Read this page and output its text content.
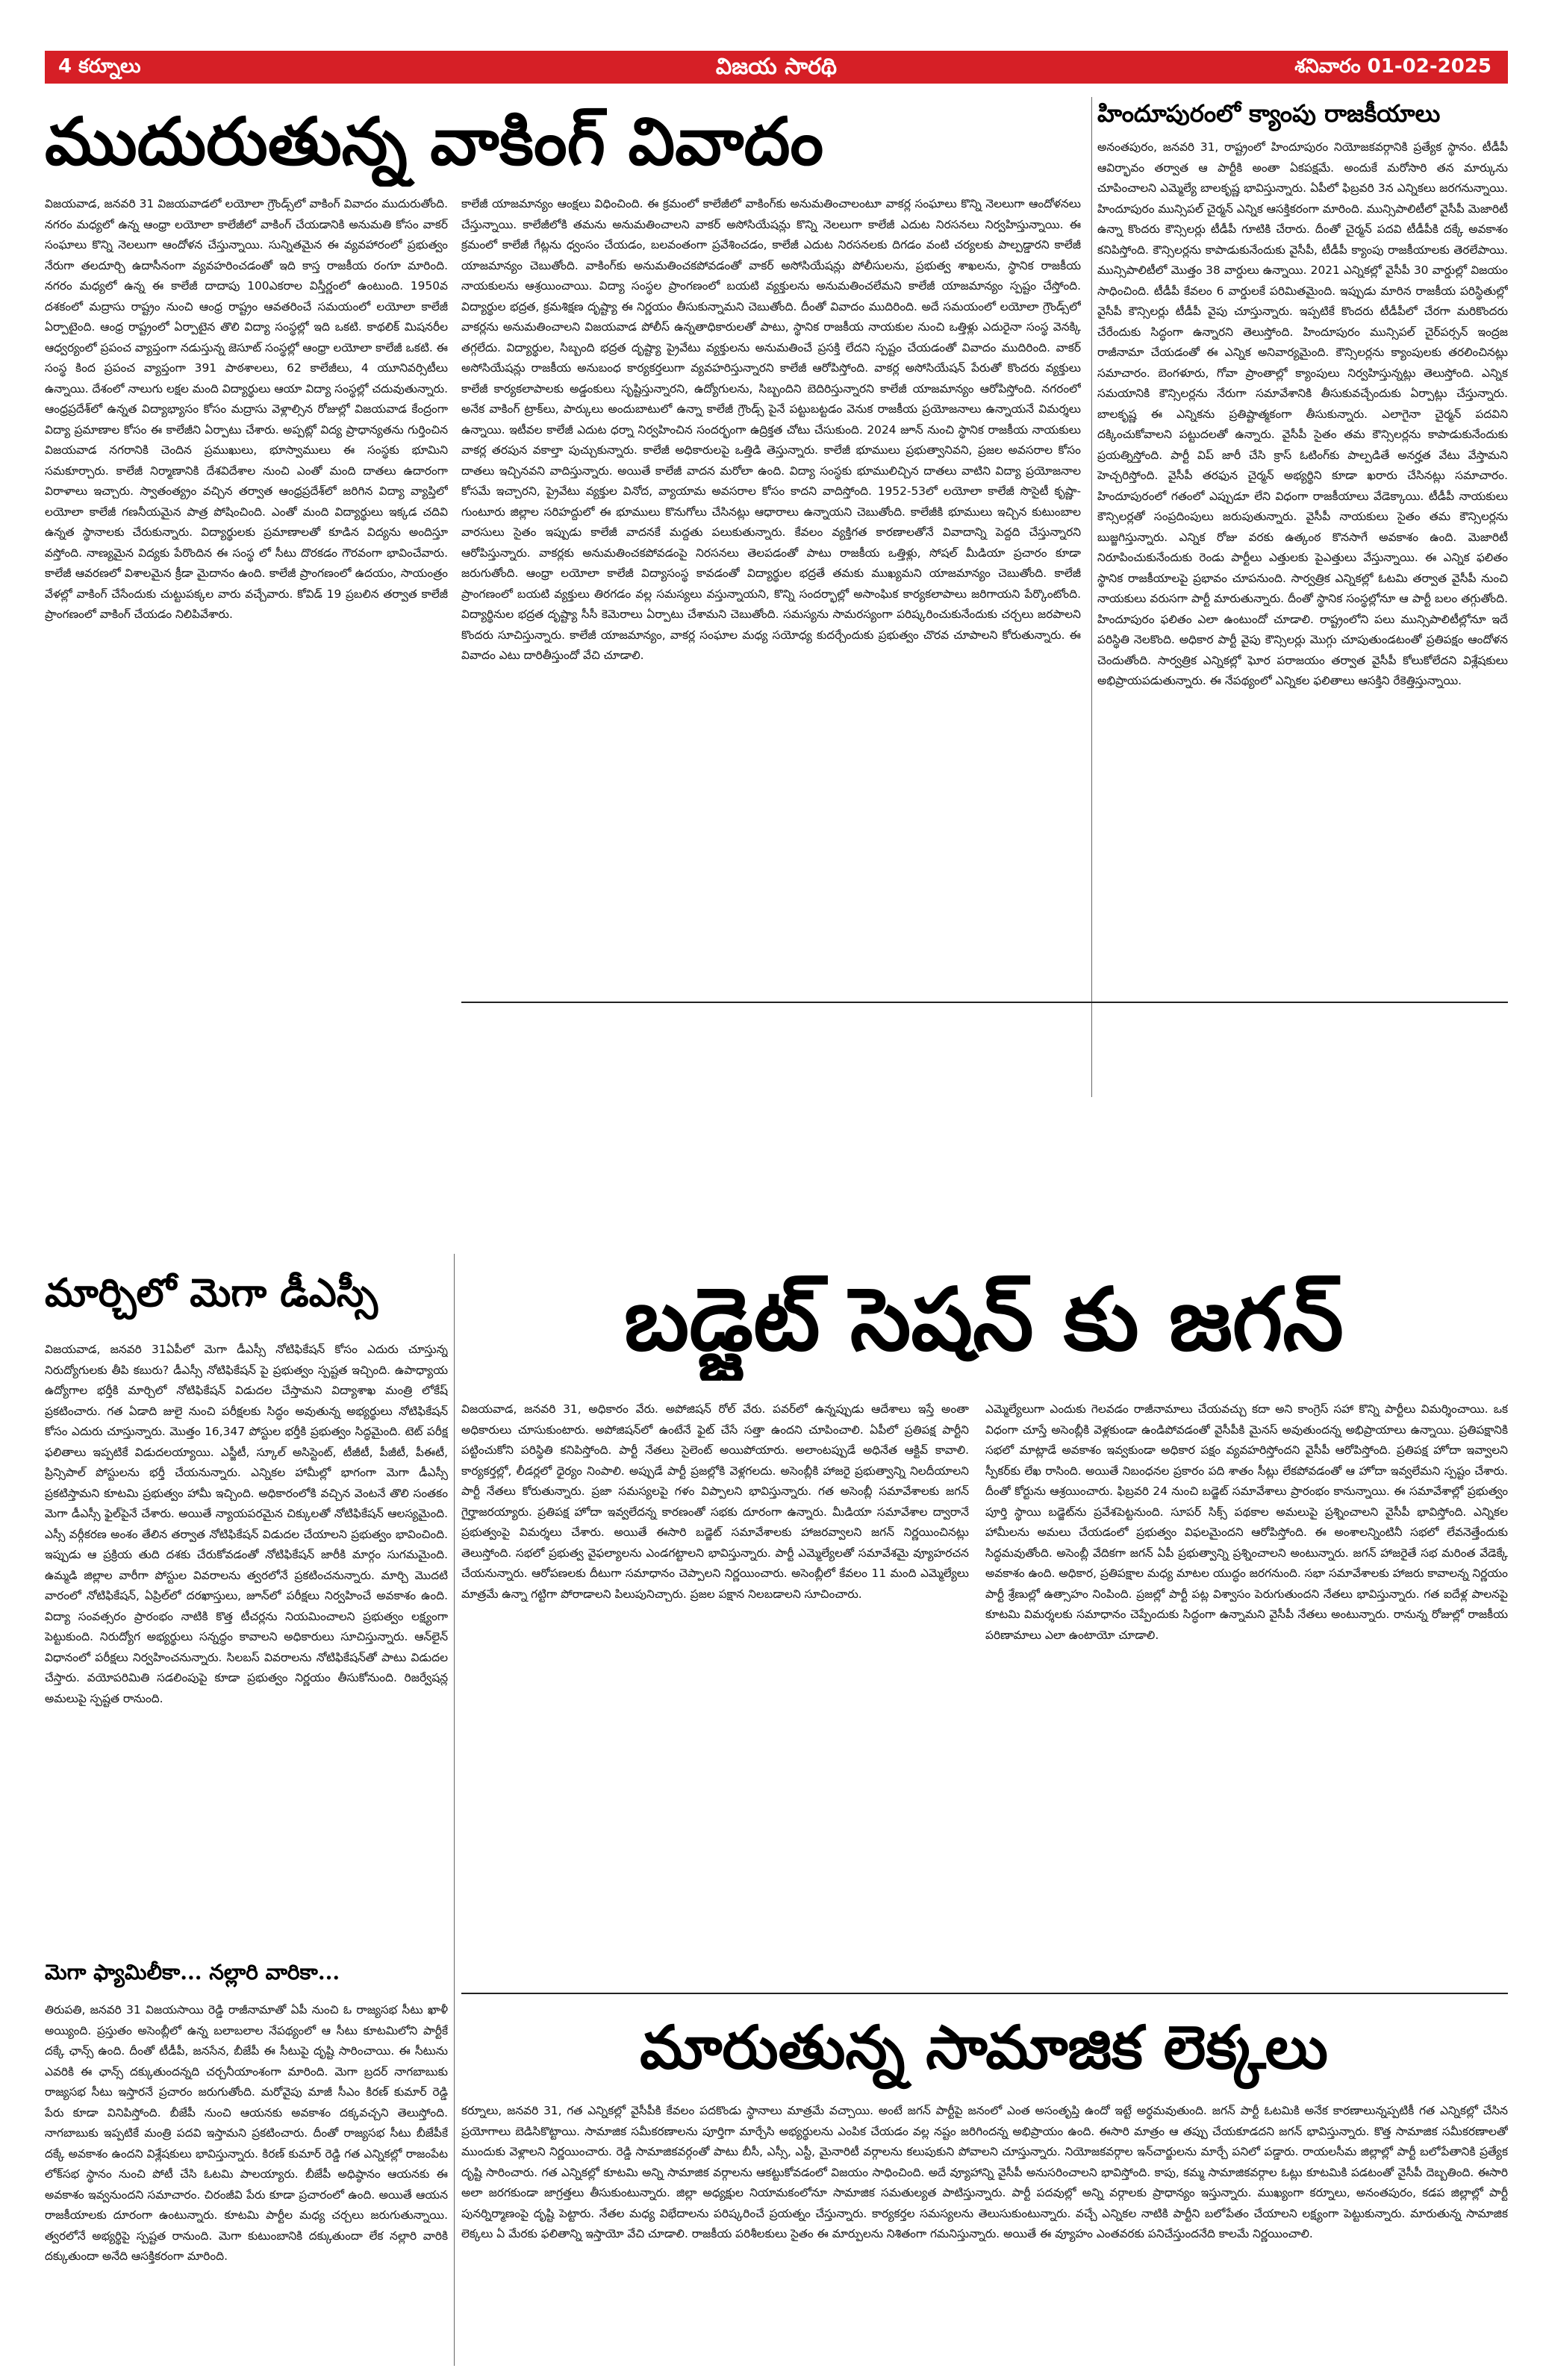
4 కర్నూలు	విజయ సారథి	శనివారం 01-02-2025
ముదురుతున్న వాకింగ్ వివాదం
విజయవాడ, జనవరి 31 విజయవాడలో లయోలా గ్రౌండ్స్‌లో వాకింగ్ వివాదం ముదురుతోంది. నగరం మధ్యలో ఉన్న ఆంధ్రా లయోలా కాలేజీలో వాకింగ్ చేయడానికి అనుమతి కోసం వాకర్ సంఘాలు కొన్ని నెలలుగా ఆందోళన చేస్తున్నాయి. సున్నితమైన ఈ వ్యవహారంలో ప్రభుత్వం నేరుగా తలదూర్చి ఉదాసీనంగా వ్యవహరించడంతో ఇది కాస్త రాజకీయ రంగూ మారింది. నగరం మధ్యలో ఉన్న ఈ కాలేజీ దాదాపు 100ఎకరాల విస్తీర్ణంలో ఉంటుంది. 1950వ దశకంలో మద్రాసు రాష్ట్రం నుంచి ఆంధ్ర రాష్ట్రం ఆవతరించే సమయంలో లయోలా కాలేజీ ఏర్పాటైంది. ఆంధ్ర రాష్ట్రంలో ఏర్పాటైన తొలి విద్యా సంస్థల్లో ఇది ఒకటి. కాథలిక్ మిషనరీల ఆధ్వర్యంలో ప్రపంచ వ్యాప్తంగా నడుస్తున్న జెసూట్ సంస్థల్లో ఆంధ్రా లయోలా కాలేజీ ఒకటి. ఈ సంస్థ కింద ప్రపంచ వ్యాప్తంగా 391 పాఠశాలలు, 62 కాలేజీలు, 4 యూనివర్సిటీలు ఉన్నాయి. దేశంలో నాలుగు లక్షల మంది విద్యార్థులు ఆయా విద్యా సంస్థల్లో చదువుతున్నారు. ఆంధ్రప్రదేశ్‌లో ఉన్నత విద్యాభ్యాసం కోసం మద్రాసు వెళ్లాల్సిన రోజుల్లో విజయవాడ కేంద్రంగా విద్యా ప్రమాణాల కోసం ఈ కాలేజీని ఏర్పాటు చేశారు. అప్పట్లో విద్య ప్రాధాన్యతను గుర్తించిన విజయవాడ నగరానికి చెందిన ప్రముఖులు, భూస్వాములు ఈ సంస్థకు భూమిని సమకూర్చారు. కాలేజీ నిర్మాణానికి దేశవిదేశాల నుంచి ఎంతో మంది దాతలు ఉదారంగా విరాళాలు ఇచ్చారు. స్వాతంత్య్రం వచ్చిన తర్వాత ఆంధ్రప్రదేశ్‌లో జరిగిన విద్యా వ్యాప్తిలో లయోలా కాలేజీ గణనీయమైన పాత్ర పోషించింది. ఎంతో మంది విద్యార్థులు ఇక్కడ చదివి ఉన్నత స్థానాలకు చేరుకున్నారు. విద్యార్థులకు ప్రమాణాలతో కూడిన విద్యను అందిస్తూ వస్తోంది. నాణ్యమైన విద్యకు పేరొందిన ఈ సంస్థ లో సీటు దొరకడం గౌరవంగా భావించేవారు. కాలేజీ ఆవరణలో విశాలమైన క్రీడా మైదానం ఉంది. కాలేజీ ప్రాంగణంలో ఉదయం, సాయంత్రం వేళల్లో వాకింగ్ చేసేందుకు చుట్టుపక్కల వారు వచ్చేవారు. కోవిడ్ 19 ప్రబలిన తర్వాత కాలేజీ ప్రాంగణంలో వాకింగ్ చేయడం నిలిపివేశారు.
కాలేజీ యాజమాన్యం ఆంక్షలు విధించింది. ఈ క్రమంలో కాలేజీలో వాకింగ్‌కు అనుమతించాలంటూ వాకర్ల సంఘాలు కొన్ని నెలలుగా ఆందోళనలు చేస్తున్నాయి. కాలేజీలోకి తమను అనుమతించాలని వాకర్ అసోసియేషన్లు కొన్ని నెలలుగా కాలేజీ ఎదుట నిరసనలు నిర్వహిస్తున్నాయి. ఈ క్రమంలో కాలేజీ గేట్లను ధ్వంసం చేయడం, బలవంతంగా ప్రవేశించడం, కాలేజీ ఎదుట నిరసనలకు దిగడం వంటి చర్యలకు పాల్పడ్డారని కాలేజీ యాజమాన్యం చెబుతోంది. వాకింగ్‌కు అనుమతించకపోవడంతో వాకర్ అసోసియేషన్లు పోలీసులను, ప్రభుత్వ శాఖలను, స్థానిక రాజకీయ నాయకులను ఆశ్రయించాయి. విద్యా సంస్థల ప్రాంగణంలో బయటి వ్యక్తులను అనుమతించలేమని కాలేజీ యాజమాన్యం స్పష్టం చేస్తోంది. విద్యార్థుల భద్రత, క్రమశిక్షణ దృష్ట్యా ఈ నిర్ణయం తీసుకున్నామని చెబుతోంది. దీంతో వివాదం ముదిరింది. అదే సమయంలో లయోలా గ్రౌండ్స్‌లో వాకర్లను అనుమతించాలని విజయవాడ పోలీస్ ఉన్నతాధికారులతో పాటు, స్థానిక రాజకీయ నాయకుల నుంచి ఒత్తిళ్లు ఎదురైనా సంస్థ వెనక్కి తగ్గలేదు. విద్యార్థుల, సిబ్బంది భద్రత దృష్ట్యా ప్రైవేటు వ్యక్తులను అనుమతించే ప్రసక్తి లేదని స్పష్టం చేయడంతో వివాదం ముదిరింది. వాకర్ అసోసియేషన్లు రాజకీయ అనుబంధ కార్యకర్తలుగా వ్యవహరిస్తున్నారని కాలేజీ ఆరోపిస్తోంది. వాకర్ల అసోసియేషన్ పేరుతో కొందరు వ్యక్తులు కాలేజీ కార్యకలాపాలకు అడ్డంకులు సృష్టిస్తున్నారని, ఉద్యోగులను, సిబ్బందిని బెదిరిస్తున్నారని కాలేజీ యాజమాన్యం ఆరోపిస్తోంది. నగరంలో అనేక వాకింగ్ ట్రాక్‌లు, పార్కులు అందుబాటులో ఉన్నా కాలేజీ గ్రౌండ్స్‌ పైనే పట్టుబట్టడం వెనుక రాజకీయ ప్రయోజనాలు ఉన్నాయనే విమర్శలు ఉన్నాయి. ఇటీవల కాలేజీ ఎదుట ధర్నా నిర్వహించిన సందర్భంగా ఉద్రిక్తత చోటు చేసుకుంది. 2024 జూన్ నుంచి స్థానిక రాజకీయ నాయకులు వాకర్ల తరపున వకాల్తా పుచ్చుకున్నారు. కాలేజీ అధికారులపై ఒత్తిడి తెస్తున్నారు. కాలేజీ భూములు ప్రభుత్వానివని, ప్రజల అవసరాల కోసం దాతలు ఇచ్చినవని వాదిస్తున్నారు. అయితే కాలేజీ వాదన మరోలా ఉంది. విద్యా సంస్థకు భూములిచ్చిన దాతలు వాటిని విద్యా ప్రయోజనాల కోసమే ఇచ్చారని, ప్రైవేటు వ్యక్తుల వినోద, వ్యాయామ అవసరాల కోసం కాదని వాదిస్తోంది. 1952-53లో లయోలా కాలేజీ సొసైటీ కృష్ణా-గుంటూరు జిల్లాల సరిహద్దులో ఈ భూములు కొనుగోలు చేసినట్లు ఆధారాలు ఉన్నాయని చెబుతోంది. కాలేజీకి భూములు ఇచ్చిన కుటుంబాల వారసులు సైతం ఇప్పుడు కాలేజీ వాదనకే మద్దతు పలుకుతున్నారు. కేవలం వ్యక్తిగత కారణాలతోనే వివాదాన్ని పెద్దది చేస్తున్నారని ఆరోపిస్తున్నారు. వాకర్లకు అనుమతించకపోవడంపై నిరసనలు తెలపడంతో పాటు రాజకీయ ఒత్తిళ్లు, సోషల్ మీడియా ప్రచారం కూడా జరుగుతోంది. ఆంధ్రా లయోలా కాలేజీ విద్యాసంస్థ కావడంతో విద్యార్థుల భద్రతే తమకు ముఖ్యమని యాజమాన్యం చెబుతోంది. కాలేజీ ప్రాంగణంలో బయటి వ్యక్తులు తిరగడం వల్ల సమస్యలు వస్తున్నాయని, కొన్ని సందర్భాల్లో అసాంఘిక కార్యకలాపాలు జరిగాయని పేర్కొంటోంది. విద్యార్థినుల భద్రత దృష్ట్యా సీసీ కెమెరాలు ఏర్పాటు చేశామని చెబుతోంది. సమస్యను సామరస్యంగా పరిష్కరించుకునేందుకు చర్చలు జరపాలని కొందరు సూచిస్తున్నారు. కాలేజీ యాజమాన్యం, వాకర్ల సంఘాల మధ్య సయోధ్య కుదర్చేందుకు ప్రభుత్వం చొరవ చూపాలని కోరుతున్నారు. ఈ వివాదం ఎటు దారితీస్తుందో వేచి చూడాలి.
హిందూపురంలో క్యాంపు రాజకీయాలు
అనంతపురం, జనవరి 31, రాష్ట్రంలో హిందూపురం నియోజకవర్గానికి ప్రత్యేక స్థానం. టీడీపీ ఆవిర్భావం తర్వాత ఆ పార్టీకి అంతా ఏకపక్షమే. అందుకే మరోసారి తన మార్కును చూపించాలని ఎమ్మెల్యే బాలకృష్ణ భావిస్తున్నారు. ఏపీలో ఫిబ్రవరి 3న ఎన్నికలు జరగనున్నాయి. హిందూపురం మున్సిపల్ చైర్మన్ ఎన్నిక ఆసక్తికరంగా మారింది. మున్సిపాలిటీలో వైసీపీ మెజారిటీ ఉన్నా కొందరు కౌన్సిలర్లు టీడీపీ గూటికి చేరారు. దీంతో చైర్మన్ పదవి టీడీపీకి దక్కే అవకాశం కనిపిస్తోంది. కౌన్సిలర్లను కాపాడుకునేందుకు వైసీపీ, టీడీపీ క్యాంపు రాజకీయాలకు తెరలేపాయి. మున్సిపాలిటీలో మొత్తం 38 వార్డులు ఉన్నాయి. 2021 ఎన్నికల్లో వైసీపీ 30 వార్డుల్లో విజయం సాధించింది. టీడీపీ కేవలం 6 వార్డులకే పరిమితమైంది. ఇప్పుడు మారిన రాజకీయ పరిస్థితుల్లో వైసీపీ కౌన్సిలర్లు టీడీపీ వైపు చూస్తున్నారు. ఇప్పటికే కొందరు టీడీపీలో చేరగా మరికొందరు చేరేందుకు సిద్ధంగా ఉన్నారని తెలుస్తోంది. హిందూపురం మున్సిపల్ చైర్‌పర్సన్ ఇంద్రజ రాజీనామా చేయడంతో ఈ ఎన్నిక అనివార్యమైంది. కౌన్సిలర్లను క్యాంపులకు తరలించినట్లు సమాచారం. బెంగళూరు, గోవా ప్రాంతాల్లో క్యాంపులు నిర్వహిస్తున్నట్లు తెలుస్తోంది. ఎన్నిక సమయానికి కౌన్సిలర్లను నేరుగా సమావేశానికి తీసుకువచ్చేందుకు ఏర్పాట్లు చేస్తున్నారు. బాలకృష్ణ ఈ ఎన్నికను ప్రతిష్టాత్మకంగా తీసుకున్నారు. ఎలాగైనా చైర్మన్ పదవిని దక్కించుకోవాలని పట్టుదలతో ఉన్నారు. వైసీపీ సైతం తమ కౌన్సిలర్లను కాపాడుకునేందుకు ప్రయత్నిస్తోంది. పార్టీ విప్ జారీ చేసి క్రాస్ ఓటింగ్‌కు పాల్పడితే అనర్హత వేటు వేస్తామని హెచ్చరిస్తోంది. వైసీపీ తరఫున చైర్మన్ అభ్యర్థిని కూడా ఖరారు చేసినట్లు సమాచారం. హిందూపురంలో గతంలో ఎప్పుడూ లేని విధంగా రాజకీయాలు వేడెక్కాయి. టీడీపీ నాయకులు కౌన్సిలర్లతో సంప్రదింపులు జరుపుతున్నారు. వైసీపీ నాయకులు సైతం తమ కౌన్సిలర్లను బుజ్జగిస్తున్నారు. ఎన్నిక రోజు వరకు ఉత్కంఠ కొనసాగే అవకాశం ఉంది. మెజారిటీ నిరూపించుకునేందుకు రెండు పార్టీలు ఎత్తులకు పైఎత్తులు వేస్తున్నాయి. ఈ ఎన్నిక ఫలితం స్థానిక రాజకీయాలపై ప్రభావం చూపనుంది. సార్వత్రిక ఎన్నికల్లో ఓటమి తర్వాత వైసీపీ నుంచి నాయకులు వరుసగా పార్టీ మారుతున్నారు. దీంతో స్థానిక సంస్థల్లోనూ ఆ పార్టీ బలం తగ్గుతోంది. హిందూపురం ఫలితం ఎలా ఉంటుందో చూడాలి. రాష్ట్రంలోని పలు మున్సిపాలిటీల్లోనూ ఇదే పరిస్థితి నెలకొంది. అధికార పార్టీ వైపు కౌన్సిలర్లు మొగ్గు చూపుతుండటంతో ప్రతిపక్షం ఆందోళన చెందుతోంది. సార్వత్రిక ఎన్నికల్లో ఘోర పరాజయం తర్వాత వైసీపీ కోలుకోలేదని విశ్లేషకులు అభిప్రాయపడుతున్నారు. ఈ నేపథ్యంలో ఎన్నికల ఫలితాలు ఆసక్తిని రేకెత్తిస్తున్నాయి.
మార్చిలో మెగా డీఎస్సీ
విజయవాడ, జనవరి 31ఏపీలో మెగా డీఎస్సీ నోటిఫికేషన్ కోసం ఎదురు చూస్తున్న నిరుద్యోగులకు తీపి కబురు? డీఎస్సీ నోటిఫికేషన్ పై ప్రభుత్వం స్పష్టత ఇచ్చింది. ఉపాధ్యాయ ఉద్యోగాల భర్తీకి మార్చిలో నోటిఫికేషన్ విడుదల చేస్తామని విద్యాశాఖ మంత్రి లోకేష్ ప్రకటించారు. గత ఏడాది జులై నుంచి పరీక్షలకు సిద్ధం అవుతున్న అభ్యర్థులు నోటిఫికేషన్ కోసం ఎదురు చూస్తున్నారు. మొత్తం 16,347 పోస్టుల భర్తీకి ప్రభుత్వం సిద్ధమైంది. టెట్ పరీక్ష ఫలితాలు ఇప్పటికే విడుదలయ్యాయి. ఎస్జీటీ, స్కూల్ అసిస్టెంట్, టీజీటీ, పీజీటీ, పీఈటీ, ప్రిన్సిపాల్ పోస్టులను భర్తీ చేయనున్నారు. ఎన్నికల హామీల్లో భాగంగా మెగా డీఎస్సీ ప్రకటిస్తామని కూటమి ప్రభుత్వం హామీ ఇచ్చింది. అధికారంలోకి వచ్చిన వెంటనే తొలి సంతకం మెగా డీఎస్సీ ఫైల్‌పైనే చేశారు. అయితే న్యాయపరమైన చిక్కులతో నోటిఫికేషన్ ఆలస్యమైంది. ఎస్సీ వర్గీకరణ అంశం తేలిన తర్వాత నోటిఫికేషన్ విడుదల చేయాలని ప్రభుత్వం భావించింది. ఇప్పుడు ఆ ప్రక్రియ తుది దశకు చేరుకోవడంతో నోటిఫికేషన్ జారీకి మార్గం సుగమమైంది. ఉమ్మడి జిల్లాల వారీగా పోస్టుల వివరాలను త్వరలోనే ప్రకటించనున్నారు. మార్చి మొదటి వారంలో నోటిఫికేషన్, ఏప్రిల్‌లో దరఖాస్తులు, జూన్‌లో పరీక్షలు నిర్వహించే అవకాశం ఉంది. విద్యా సంవత్సరం ప్రారంభం నాటికి కొత్త టీచర్లను నియమించాలని ప్రభుత్వం లక్ష్యంగా పెట్టుకుంది. నిరుద్యోగ అభ్యర్థులు సన్నద్ధం కావాలని అధికారులు సూచిస్తున్నారు. ఆన్‌లైన్ విధానంలో పరీక్షలు నిర్వహించనున్నారు. సిలబస్ వివరాలను నోటిఫికేషన్‌తో పాటు విడుదల చేస్తారు. వయోపరిమితి సడలింపుపై కూడా ప్రభుత్వం నిర్ణయం తీసుకోనుంది. రిజర్వేషన్ల అమలుపై స్పష్టత రానుంది.
మెగా ఫ్యామిలీకా... నల్లారి వారికా...
తిరుపతి, జనవరి 31 విజయసాయి రెడ్డి రాజీనామాతో ఏపీ నుంచి ఓ రాజ్యసభ సీటు ఖాళీ అయ్యింది. ప్రస్తుతం అసెంబ్లీలో ఉన్న బలాబలాల నేపథ్యంలో ఆ సీటు కూటమిలోని పార్టీకే దక్కే ఛాన్స్ ఉంది. దీంతో టీడీపీ, జనసేన, బీజేపీ ఈ సీటుపై దృష్టి సారించాయి. ఈ సీటును ఎవరికి ఈ ఛాన్స్ దక్కుతుందన్నది చర్చనీయాంశంగా మారింది. మెగా బ్రదర్ నాగబాబుకు రాజ్యసభ సీటు ఇస్తారనే ప్రచారం జరుగుతోంది. మరోవైపు మాజీ సీఎం కిరణ్ కుమార్ రెడ్డి పేరు కూడా వినిపిస్తోంది. బీజేపీ నుంచి ఆయనకు అవకాశం దక్కవచ్చని తెలుస్తోంది. నాగబాబుకు ఇప్పటికే మంత్రి పదవి ఇస్తామని ప్రకటించారు. దీంతో రాజ్యసభ సీటు బీజేపీకే దక్కే అవకాశం ఉందని విశ్లేషకులు భావిస్తున్నారు. కిరణ్ కుమార్ రెడ్డి గత ఎన్నికల్లో రాజంపేట లోక్‌సభ స్థానం నుంచి పోటీ చేసి ఓటమి పాలయ్యారు. బీజేపీ అధిష్ఠానం ఆయనకు ఈ అవకాశం ఇవ్వనుందని సమాచారం. చిరంజీవి పేరు కూడా ప్రచారంలో ఉంది. అయితే ఆయన రాజకీయాలకు దూరంగా ఉంటున్నారు. కూటమి పార్టీల మధ్య చర్చలు జరుగుతున్నాయి. త్వరలోనే అభ్యర్థిపై స్పష్టత రానుంది. మెగా కుటుంబానికి దక్కుతుందా లేక నల్లారి వారికి దక్కుతుందా అనేది ఆసక్తికరంగా మారింది.
బడ్జెట్ సెషన్ కు జగన్
విజయవాడ, జనవరి 31, అధికారం వేరు. అపోజిషన్ రోల్ వేరు. పవర్‌లో ఉన్నప్పుడు ఆదేశాలు ఇస్తే అంతా అధికారులు చూసుకుంటారు. అపోజిషన్‌లో ఉంటేనే ఫైట్ చేసే సత్తా ఉందని చూపించాలి. ఏపీలో ప్రతిపక్ష పార్టీని పట్టించుకోని పరిస్థితి కనిపిస్తోంది. పార్టీ నేతలు సైలెంట్ అయిపోయారు. అలాంటప్పుడే అధినేత ఆక్టివ్ కావాలి. కార్యకర్తల్లో, లీడర్లలో ధైర్యం నింపాలి. అప్పుడే పార్టీ ప్రజల్లోకి వెళ్లగలదు. అసెంబ్లీకి హాజరై ప్రభుత్వాన్ని నిలదీయాలని పార్టీ నేతలు కోరుతున్నారు. ప్రజా సమస్యలపై గళం విప్పాలని భావిస్తున్నారు. గత అసెంబ్లీ సమావేశాలకు జగన్ గైర్హాజరయ్యారు. ప్రతిపక్ష హోదా ఇవ్వలేదన్న కారణంతో సభకు దూరంగా ఉన్నారు. మీడియా సమావేశాల ద్వారానే ప్రభుత్వంపై విమర్శలు చేశారు. అయితే ఈసారి బడ్జెట్ సమావేశాలకు హాజరవ్వాలని జగన్ నిర్ణయించినట్లు తెలుస్తోంది. సభలో ప్రభుత్వ వైఫల్యాలను ఎండగట్టాలని భావిస్తున్నారు. పార్టీ ఎమ్మెల్యేలతో సమావేశమై వ్యూహరచన చేయనున్నారు. ఆరోపణలకు దీటుగా సమాధానం చెప్పాలని నిర్ణయించారు. అసెంబ్లీలో కేవలం 11 మంది ఎమ్మెల్యేలు మాత్రమే ఉన్నా గట్టిగా పోరాడాలని పిలుపునిచ్చారు. ప్రజల పక్షాన నిలబడాలని సూచించారు.
ఎమ్మెల్యేలుగా ఎందుకు గెలవడం రాజీనామాలు చేయవచ్చు కదా అని కాంగ్రెస్ సహా కొన్ని పార్టీలు విమర్శించాయి. ఒక విధంగా చూస్తే అసెంబ్లీకి వెళ్లకుండా ఉండిపోవడంతో వైసీపీకి మైనస్ అవుతుందన్న అభిప్రాయాలు ఉన్నాయి. ప్రతిపక్షానికి సభలో మాట్లాడే అవకాశం ఇవ్వకుండా అధికార పక్షం వ్యవహరిస్తోందని వైసీపీ ఆరోపిస్తోంది. ప్రతిపక్ష హోదా ఇవ్వాలని స్పీకర్‌కు లేఖ రాసింది. అయితే నిబంధనల ప్రకారం పది శాతం సీట్లు లేకపోవడంతో ఆ హోదా ఇవ్వలేమని స్పష్టం చేశారు. దీంతో కోర్టును ఆశ్రయించారు. ఫిబ్రవరి 24 నుంచి బడ్జెట్ సమావేశాలు ప్రారంభం కానున్నాయి. ఈ సమావేశాల్లో ప్రభుత్వం పూర్తి స్థాయి బడ్జెట్‌ను ప్రవేశపెట్టనుంది. సూపర్ సిక్స్ పథకాల అమలుపై ప్రశ్నించాలని వైసీపీ భావిస్తోంది. ఎన్నికల హామీలను అమలు చేయడంలో ప్రభుత్వం విఫలమైందని ఆరోపిస్తోంది. ఈ అంశాలన్నింటినీ సభలో లేవనెత్తేందుకు సిద్ధమవుతోంది. అసెంబ్లీ వేదికగా జగన్ ఏపీ ప్రభుత్వాన్ని ప్రశ్నించాలని అంటున్నారు. జగన్ హాజరైతే సభ మరింత వేడెక్కే అవకాశం ఉంది. అధికార, ప్రతిపక్షాల మధ్య మాటల యుద్ధం జరగనుంది. సభా సమావేశాలకు హాజరు కావాలన్న నిర్ణయం పార్టీ శ్రేణుల్లో ఉత్సాహం నింపింది. ప్రజల్లో పార్టీ పట్ల విశ్వాసం పెరుగుతుందని నేతలు భావిస్తున్నారు. గత ఐదేళ్ల పాలనపై కూటమి విమర్శలకు సమాధానం చెప్పేందుకు సిద్ధంగా ఉన్నామని వైసీపీ నేతలు అంటున్నారు. రానున్న రోజుల్లో రాజకీయ పరిణామాలు ఎలా ఉంటాయో చూడాలి.
మారుతున్న సామాజిక లెక్కలు
కర్నూలు, జనవరి 31, గత ఎన్నికల్లో వైసీపీకి కేవలం పదకొండు స్థానాలు మాత్రమే వచ్చాయి. అంటే జగన్ పార్టీపై జనంలో ఎంత అసంతృప్తి ఉందో ఇట్టే అర్థమవుతుంది. జగన్ పార్టీ ఓటమికి అనేక కారణాలున్నప్పటికీ గత ఎన్నికల్లో చేసిన ప్రయోగాలు బెడిసికొట్టాయి. సామాజిక సమీకరణాలను పూర్తిగా మార్చేసి అభ్యర్థులను ఎంపిక చేయడం వల్ల నష్టం జరిగిందన్న అభిప్రాయం ఉంది. ఈసారి మాత్రం ఆ తప్పు చేయకూడదని జగన్ భావిస్తున్నారు. కొత్త సామాజిక సమీకరణాలతో ముందుకు వెళ్లాలని నిర్ణయించారు. రెడ్డి సామాజికవర్గంతో పాటు బీసీ, ఎస్సీ, ఎస్టీ, మైనారిటీ వర్గాలను కలుపుకుని పోవాలని చూస్తున్నారు. నియోజకవర్గాల ఇన్‌చార్జులను మార్చే పనిలో పడ్డారు. రాయలసీమ జిల్లాల్లో పార్టీ బలోపేతానికి ప్రత్యేక దృష్టి సారించారు. గత ఎన్నికల్లో కూటమి అన్ని సామాజిక వర్గాలను ఆకట్టుకోవడంలో విజయం సాధించింది. అదే వ్యూహాన్ని వైసీపీ అనుసరించాలని భావిస్తోంది. కాపు, కమ్మ సామాజికవర్గాల ఓట్లు కూటమికి పడటంతో వైసీపీ దెబ్బతింది. ఈసారి అలా జరగకుండా జాగ్రత్తలు తీసుకుంటున్నారు. జిల్లా అధ్యక్షుల నియామకంలోనూ సామాజిక సమతుల్యత పాటిస్తున్నారు. పార్టీ పదవుల్లో అన్ని వర్గాలకు ప్రాధాన్యం ఇస్తున్నారు. ముఖ్యంగా కర్నూలు, అనంతపురం, కడప జిల్లాల్లో పార్టీ పునర్నిర్మాణంపై దృష్టి పెట్టారు. నేతల మధ్య విభేదాలను పరిష్కరించే ప్రయత్నం చేస్తున్నారు. కార్యకర్తల సమస్యలను తెలుసుకుంటున్నారు. వచ్చే ఎన్నికల నాటికి పార్టీని బలోపేతం చేయాలని లక్ష్యంగా పెట్టుకున్నారు. మారుతున్న సామాజిక లెక్కలు ఏ మేరకు ఫలితాన్ని ఇస్తాయో వేచి చూడాలి. రాజకీయ పరిశీలకులు సైతం ఈ మార్పులను నిశితంగా గమనిస్తున్నారు. అయితే ఈ వ్యూహం ఎంతవరకు పనిచేస్తుందనేది కాలమే నిర్ణయించాలి.
